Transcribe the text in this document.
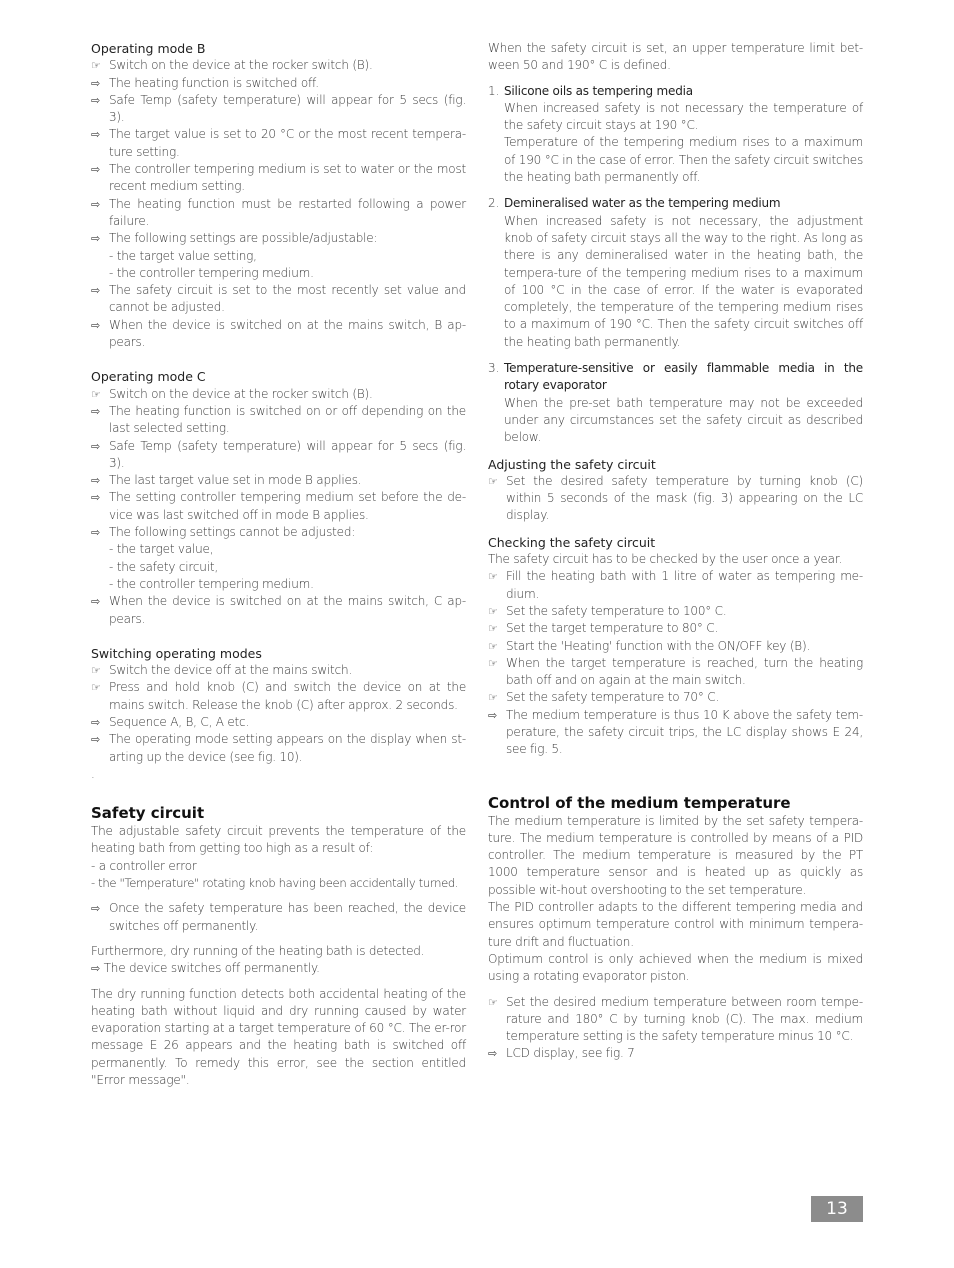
Operating mode B

☞ Switch on the device at the rocker switch (B).
⇨ The heating function is switched off.
⇨ Safe Temp (safety temperature) will appear for 5 secs (fig. 3).
⇨ The target value is set to 20 °C or the most recent tempera-ture setting.
⇨ The controller tempering medium is set to water or the most recent medium setting.
⇨ The heating function must be restarted following a power failure.
⇨ The following settings are possible/adjustable:
- the target value setting,
- the controller tempering medium.
⇨ The safety circuit is set to the most recently set value and cannot be adjusted.
⇨ When the device is switched on at the mains switch, B ap-pears.

Operating mode C

☞ Switch on the device at the rocker switch (B).
⇨ The heating function is switched on or off depending on the last selected setting.
⇨ Safe Temp (safety temperature) will appear for 5 secs (fig. 3).
⇨ The last target value set in mode B applies.
⇨ The setting controller tempering medium set before the de-vice was last switched off in mode B applies.
⇨ The following settings cannot be adjusted:
- the target value,
- the safety circuit,
- the controller tempering medium.
⇨ When the device is switched on at the mains switch, C ap-pears.

Switching operating modes

☞ Switch the device off at the mains switch.
☞ Press and hold knob (C) and switch the device on at the mains switch. Release the knob (C) after approx. 2 seconds.
⇨ Sequence A, B, C, A etc.
⇨ The operating mode setting appears on the display when st-arting up the device (see fig. 10).
.

Safety circuit

The adjustable safety circuit prevents the temperature of the heating bath from getting too high as a result of:

- a controller error
- the "Temperature" rotating knob having been accidentally turned.
⇨ Once the safety temperature has been reached, the device switches off permanently.

Furthermore, dry running of the heating bath is detected.

⇨ The device switches off permanently.

The dry running function detects both accidental heating of the heating bath without liquid and dry running caused by water evaporation starting at a target temperature of 60 °C. The er-ror message E 26 appears and the heating bath is switched off permanently. To remedy this error, see the section entitled "Error message".

When the safety circuit is set, an upper temperature limit bet-ween 50 and 190° C is defined.

1. Silicone oils as tempering media
When increased safety is not necessary the temperature of the safety circuit stays at 190 °C.
Temperature of the tempering medium rises to a maximum of 190 °C in the case of error. Then the safety circuit switches the heating bath permanently off.
2. Demineralised water as the tempering medium
When increased safety is not necessary, the adjustment knob of safety circuit stays all the way to the right. As long as there is any demineralised water in the heating bath, the tempera-ture of the tempering medium rises to a maximum of 100 °C in the case of error. If the water is evaporated completely, the temperature of the tempering medium rises to a maximum of 190 °C. Then the safety circuit switches off the heating bath permanently.
3. Temperature-sensitive or easily flammable media in the rotary evaporator
When the pre-set bath temperature may not be exceeded under any circumstances set the safety circuit as described below.

Adjusting the safety circuit

☞ Set the desired safety temperature by turning knob (C) within 5 seconds of the mask (fig. 3) appearing on the LC display.

Checking the safety circuit

The safety circuit has to be checked by the user once a year.

☞ Fill the heating bath with 1 litre of water as tempering me-dium.
☞ Set the safety temperature to 100° C.
☞ Set the target temperature to 80° C.
☞ Start the 'Heating' function with the ON/OFF key (B).
☞ When the target temperature is reached, turn the heating bath off and on again at the main switch.
☞ Set the safety temperature to 70° C.
⇨ The medium temperature is thus 10 K above the safety tem-perature, the safety circuit trips, the LC display shows E 24, see fig. 5.

Control of the medium temperature

The medium temperature is limited by the set safety tempera-ture. The medium temperature is controlled by means of a PID controller. The medium temperature is measured by the PT 1000 temperature sensor and is heated up as quickly as possible wit-hout overshooting to the set temperature.

The PID controller adapts to the different tempering media and ensures optimum temperature control with minimum tempera-ture drift and fluctuation.

Optimum control is only achieved when the medium is mixed using a rotating evaporator piston.

☞ Set the desired medium temperature between room tempe-rature and 180° C by turning knob (C). The max. medium temperature setting is the safety temperature minus 10 °C.
⇨ LCD display, see fig. 7
13
